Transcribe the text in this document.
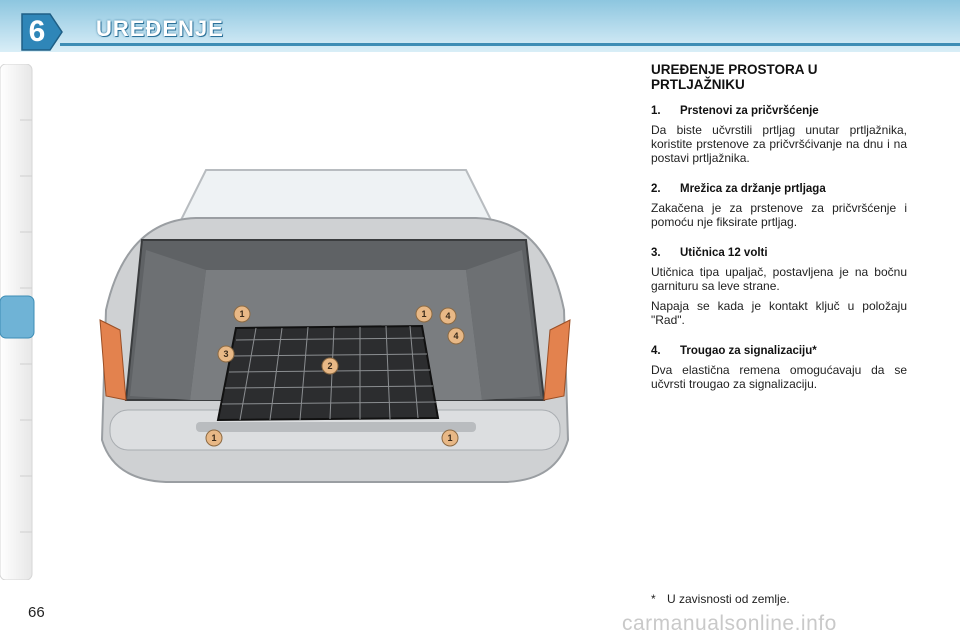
6	UREĐENJE
1	1
1	1
2
3
4
4
UREĐENJE PROSTORA U PRTLJAŽNIKU
1. Prstenovi za pričvršćenje
Da biste učvrstili prtljag unutar prtljažnika, koristite prstenove za pričvršćivanje na dnu i na postavi prtljažnika.
2. Mrežica za držanje prtljaga
Zakačena je za prstenove za pričvršćenje i pomoću nje fiksirate prtljag.
3. Utičnica 12 volti
Utičnica tipa upaljač, postavljena je na bočnu garnituru sa leve strane.
Napaja se kada je kontakt ključ u položaju "Rad".
4. Trougao za signalizaciju*
Dva elastična remena omogućavaju da se učvrsti trougao za signalizaciju.
* U zavisnosti od zemlje.
66	carmanualsonline.info
